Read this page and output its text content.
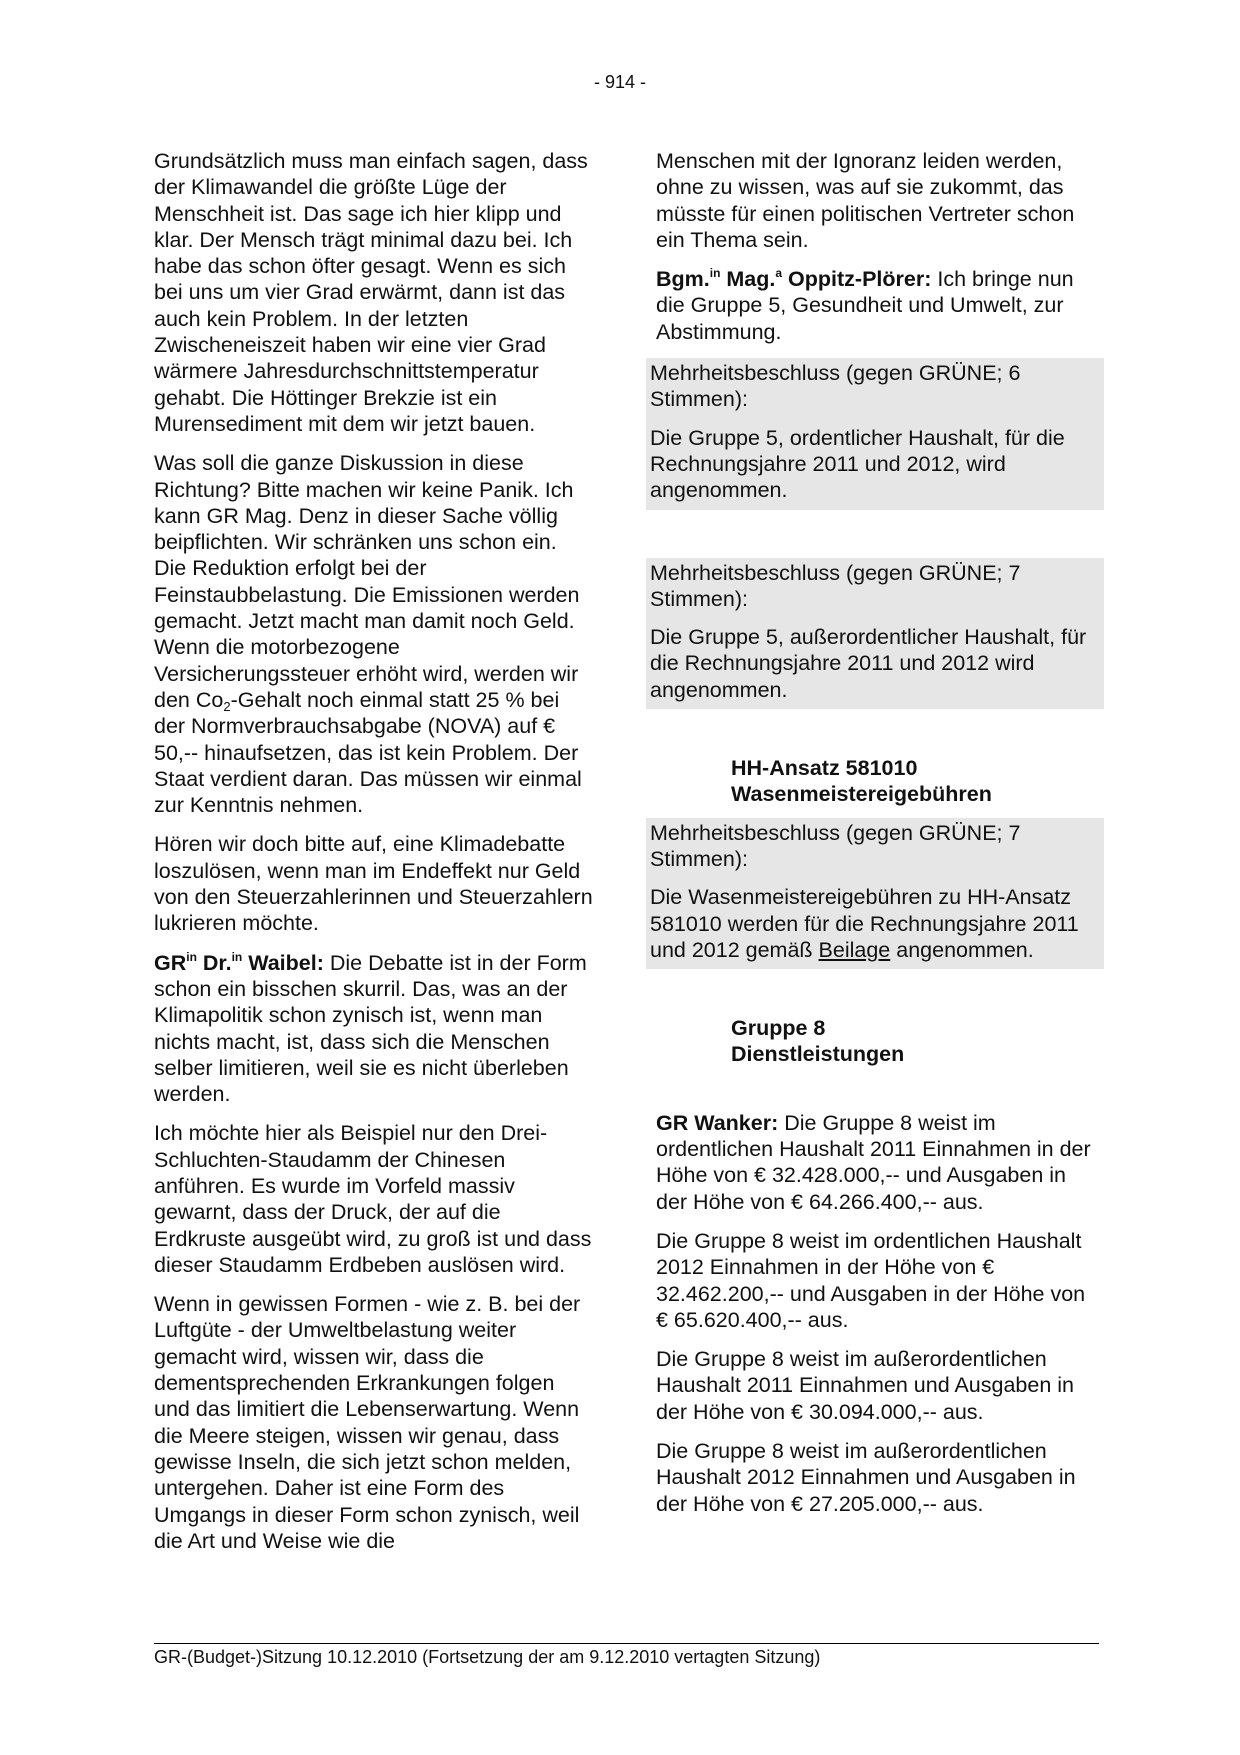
- 914 -

Grundsätzlich muss man einfach sagen, dass der Klimawandel die größte Lüge der Menschheit ist. Das sage ich hier klipp und klar. Der Mensch trägt minimal dazu bei. Ich habe das schon öfter gesagt. Wenn es sich bei uns um vier Grad erwärmt, dann ist das auch kein Problem. In der letzten Zwischeneiszeit haben wir eine vier Grad wärmere Jahresdurchschnittstemperatur gehabt. Die Höttinger Brekzie ist ein Murensediment mit dem wir jetzt bauen.

Was soll die ganze Diskussion in diese Richtung? Bitte machen wir keine Panik. Ich kann GR Mag. Denz in dieser Sache völlig beipflichten. Wir schränken uns schon ein. Die Reduktion erfolgt bei der Feinstaubbelastung. Die Emissionen werden gemacht. Jetzt macht man damit noch Geld. Wenn die motorbezogene Versicherungssteuer erhöht wird, werden wir den $Co_2$-Gehalt noch einmal statt 25 % bei der Normverbrauchsabgabe (NOVA) auf € 50,-- hinaufsetzen, das ist kein Problem. Der Staat verdient daran. Das müssen wir einmal zur Kenntnis nehmen.

Hören wir doch bitte auf, eine Klimadebatte loszulösen, wenn man im Endeffekt nur Geld von den Steuerzahlerinnen und Steuerzahlern lukrieren möchte.

$GR^{in}$ Dr.$^{in}$ Waibel: Die Debatte ist in der Form schon ein bisschen skurril. Das, was an der Klimapolitik schon zynisch ist, wenn man nichts macht, ist, dass sich die Menschen selber limitieren, weil sie es nicht überleben werden.

Ich möchte hier als Beispiel nur den Drei-Schluchten-Staudamm der Chinesen anführen. Es wurde im Vorfeld massiv gewarnt, dass der Druck, der auf die Erdkruste ausgeübt wird, zu groß ist und dass dieser Staudamm Erdbeben auslösen wird.

Wenn in gewissen Formen - wie z. B. bei der Luftgüte - der Umweltbelastung weiter gemacht wird, wissen wir, dass die dementsprechenden Erkrankungen folgen und das limitiert die Lebenserwartung. Wenn die Meere steigen, wissen wir genau, dass gewisse Inseln, die sich jetzt schon melden, untergehen. Daher ist eine Form des Umgangs in dieser Form schon zynisch, weil die Art und Weise wie die

Menschen mit der Ignoranz leiden werden, ohne zu wissen, was auf sie zukommt, das müsste für einen politischen Vertreter schon ein Thema sein.

Bgm.$^{in}$ Mag.$^a$ Oppitz-Plörer: Ich bringe nun die Gruppe 5, Gesundheit und Umwelt, zur Abstimmung.

Mehrheitsbeschluss (gegen GRÜNE; 6 Stimmen):

Die Gruppe 5, ordentlicher Haushalt, für die Rechnungsjahre 2011 und 2012, wird angenommen.

Mehrheitsbeschluss (gegen GRÜNE; 7 Stimmen):

Die Gruppe 5, außerordentlicher Haushalt, für die Rechnungsjahre 2011 und 2012 wird angenommen.

HH-Ansatz 581010
Wasenmeistereigebühren

Mehrheitsbeschluss (gegen GRÜNE; 7 Stimmen):

Die Wasenmeistereigebühren zu HH-Ansatz 581010 werden für die Rechnungsjahre 2011 und 2012 gemäß Beilage angenommen.

Gruppe 8
Dienstleistungen

GR Wanker: Die Gruppe 8 weist im ordentlichen Haushalt 2011 Einnahmen in der Höhe von € 32.428.000,-- und Ausgaben in der Höhe von € 64.266.400,-- aus.

Die Gruppe 8 weist im ordentlichen Haushalt 2012 Einnahmen in der Höhe von € 32.462.200,-- und Ausgaben in der Höhe von € 65.620.400,-- aus.

Die Gruppe 8 weist im außerordentlichen Haushalt 2011 Einnahmen und Ausgaben in der Höhe von € 30.094.000,-- aus.

Die Gruppe 8 weist im außerordentlichen Haushalt 2012 Einnahmen und Ausgaben in der Höhe von € 27.205.000,-- aus.

GR-(Budget-)Sitzung 10.12.2010 (Fortsetzung der am 9.12.2010 vertagten Sitzung)
